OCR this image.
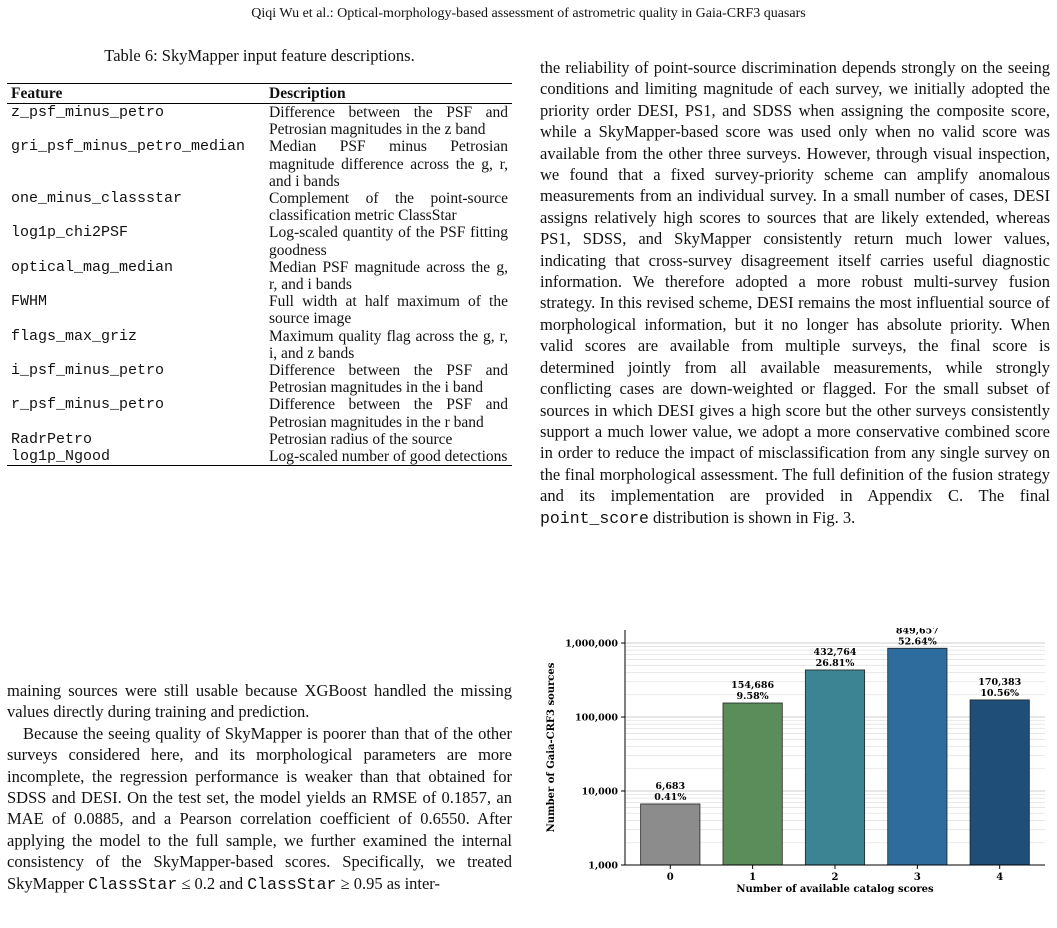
Qiqi Wu et al.: Optical-morphology-based assessment of astrometric quality in Gaia-CRF3 quasars
Table 6: SkyMapper input feature descriptions.
Feature	Description
z_psf_minus_petro	Difference between the PSF and Petrosian magnitudes in the z band
gri_psf_minus_petro_median	Median PSF minus Petrosian magnitude difference across the g, r, and i bands
one_minus_classstar	Complement of the point-source classification metric ClassStar
log1p_chi2PSF	Log-scaled quantity of the PSF fitting goodness
optical_mag_median	Median PSF magnitude across the g, r, and i bands
FWHM	Full width at half maximum of the source image
flags_max_griz	Maximum quality flag across the g, r, i, and z bands
i_psf_minus_petro	Difference between the PSF and Petrosian magnitudes in the i band
r_psf_minus_petro	Difference between the PSF and Petrosian magnitudes in the r band
RadrPetro	Petrosian radius of the source
log1p_Ngood	Log-scaled number of good detections

maining sources were still usable because XGBoost handled the missing values directly during training and prediction.

Because the seeing quality of SkyMapper is poorer than that of the other surveys considered here, and its morphological parameters are more incomplete, the regression performance is weaker than that obtained for SDSS and DESI. On the test set, the model yields an RMSE of 0.1857, an MAE of 0.0885, and a Pearson correlation coefficient of 0.6550. After applying the model to the full sample, we further examined the internal consistency of the SkyMapper-based scores. Specifically, we treated SkyMapper ClassStar ≤ 0.2 and ClassStar ≥ 0.95 as inter-

the reliability of point-source discrimination depends strongly on the seeing conditions and limiting magnitude of each survey, we initially adopted the priority order DESI, PS1, and SDSS when assigning the composite score, while a SkyMapper-based score was used only when no valid score was available from the other three surveys. However, through visual inspection, we found that a fixed survey-priority scheme can amplify anomalous measurements from an individual survey. In a small number of cases, DESI assigns relatively high scores to sources that are likely extended, whereas PS1, SDSS, and SkyMapper consistently return much lower values, indicating that cross-survey disagreement itself carries useful diagnostic information. We therefore adopted a more robust multi-survey fusion strategy. In this revised scheme, DESI remains the most influential source of morphological information, but it no longer has absolute priority. When valid scores are available from multiple surveys, the final score is determined jointly from all available measurements, while strongly conflicting cases are down-weighted or flagged. For the small subset of sources in which DESI gives a high score but the other surveys consistently support a much lower value, we adopt a more conservative combined score in order to reduce the impact of misclassification from any single survey on the final morphological assessment. The full definition of the fusion strategy and its implementation are provided in Appendix C. The final point_score distribution is shown in Fig. 3.

1,000
10,000
100,000
1,000,000
6,683
0.41%
0
154,686
9.58%
1
432,764
26.81%
2
849,657
52.64%
3
170,383
10.56%
4
Number of available catalog scores
Number of Gaia-CRF3 sources
